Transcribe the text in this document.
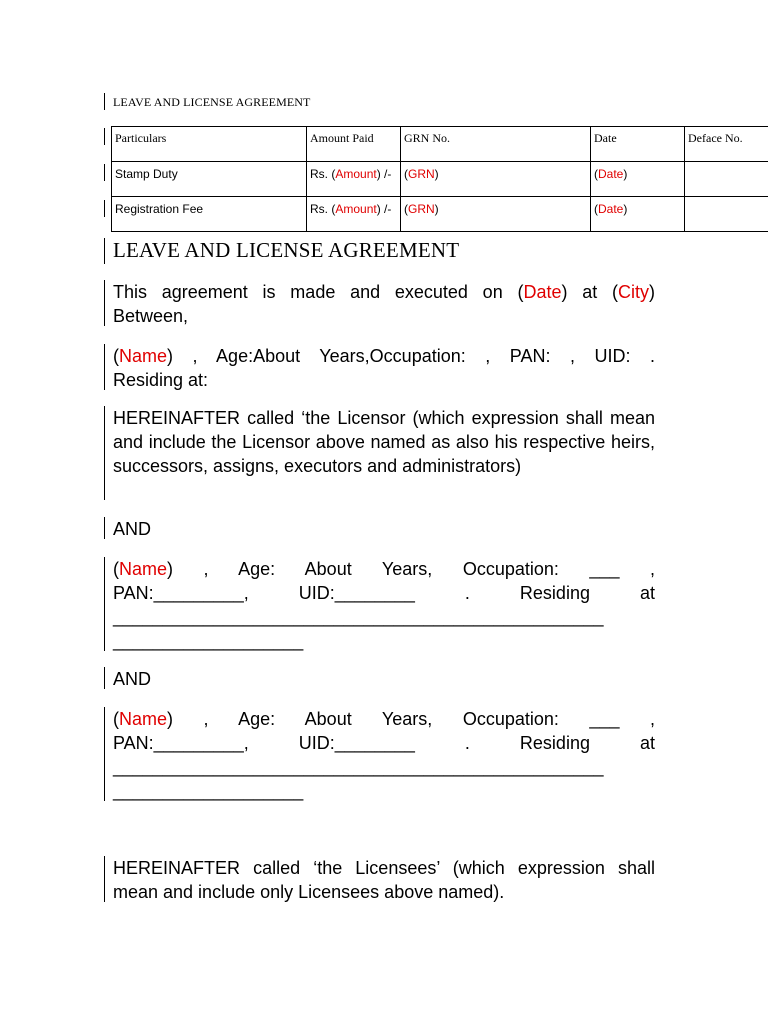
LEAVE AND LICENSE AGREEMENT
Particulars	Amount Paid	GRN No.	Date	Deface No.
Stamp Duty	Rs. (Amount) /-	(GRN)	(Date)	
Registration Fee	Rs. (Amount) /-	(GRN)	(Date)	
LEAVE AND LICENSE AGREEMENT
This agreement is made and executed on (Date) at (City)
Between,
(Name) , Age:About Years,Occupation: , PAN: , UID: .
Residing at:
HEREINAFTER called ‘the Licensor (which expression shall mean and include the Licensor above named as also his respective heirs, successors, assigns, executors and administrators)
AND
(Name) , Age: About Years, Occupation: ___ ,
PAN:_________, UID:________ . Residing at
_________________________________________________
___________________
AND
(Name) , Age: About Years, Occupation: ___ ,
PAN:_________, UID:________ . Residing at
_________________________________________________
___________________
HEREINAFTER called ‘the Licensees’ (which expression shall mean and include only Licensees above named).
